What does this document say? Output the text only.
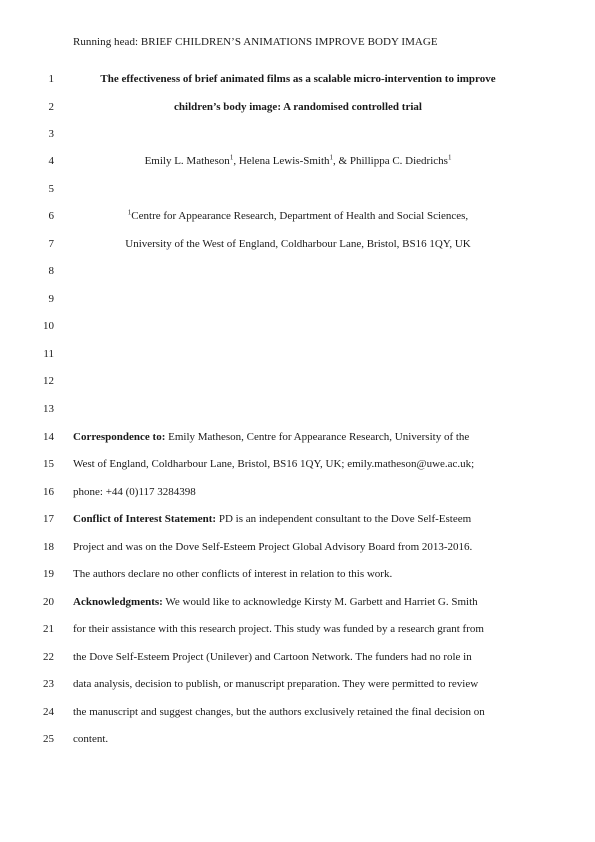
Running head: BRIEF CHILDREN’S ANIMATIONS IMPROVE BODY IMAGE
1	The effectiveness of brief animated films as a scalable micro-intervention to improve
2	children’s body image: A randomised controlled trial
3
4	Emily L. Matheson$^1$, Helena Lewis-Smith$^1$, & Phillippa C. Diedrichs$^1$
5
6	$^1$Centre for Appearance Research, Department of Health and Social Sciences,
7	University of the West of England, Coldharbour Lane, Bristol, BS16 1QY, UK
8
9
10
11
12
13
14 Correspondence to: Emily Matheson, Centre for Appearance Research, University of the
15 West of England, Coldharbour Lane, Bristol, BS16 1QY, UK; emily.matheson@uwe.ac.uk;
16 phone: +44 (0)117 3284398
17 Conflict of Interest Statement: PD is an independent consultant to the Dove Self-Esteem
18 Project and was on the Dove Self-Esteem Project Global Advisory Board from 2013-2016.
19 The authors declare no other conflicts of interest in relation to this work.
20 Acknowledgments: We would like to acknowledge Kirsty M. Garbett and Harriet G. Smith
21 for their assistance with this research project. This study was funded by a research grant from
22 the Dove Self-Esteem Project (Unilever) and Cartoon Network. The funders had no role in
23 data analysis, decision to publish, or manuscript preparation. They were permitted to review
24 the manuscript and suggest changes, but the authors exclusively retained the final decision on
25 content.
